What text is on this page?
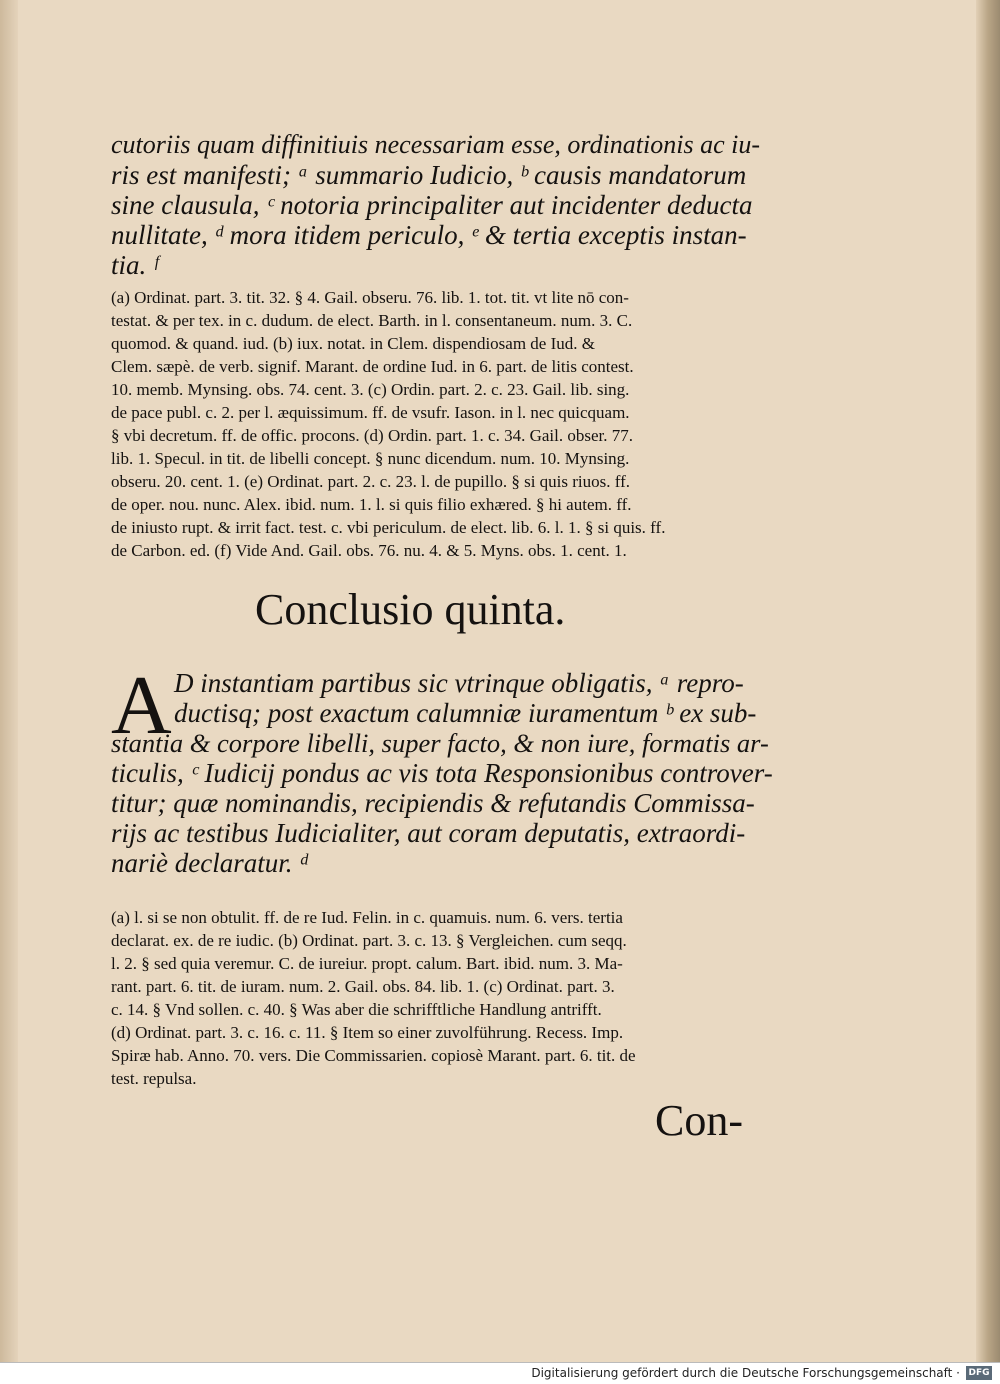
cutoriis quam diffinitiuis necessariam esse, ordinationis ac iu-
ris est manifesti; ᵃ summario Iudicio, ᵇ causis mandatorum
sine clausula, ᶜ notoria principaliter aut incidenter deducta
nullitate, ᵈ mora itidem periculo, ᵉ & tertia exceptis instan-
tia. ᶠ
(a) Ordinat. part. 3. tit. 32. § 4. Gail. obseru. 76. lib. 1. tot. tit. vt lite nō con-
testat. & per tex. in c. dudum. de elect. Barth. in l. consentaneum. num. 3. C.
quomod. & quand. iud. (b) iux. notat. in Clem. dispendiosam de Iud. &
Clem. sæpè. de verb. signif. Marant. de ordine Iud. in 6. part. de litis contest.
10. memb. Mynsing. obs. 74. cent. 3. (c) Ordin. part. 2. c. 23. Gail. lib. sing.
de pace publ. c. 2. per l. æquissimum. ff. de vsufr. Iason. in l. nec quicquam.
§ vbi decretum. ff. de offic. procons. (d) Ordin. part. 1. c. 34. Gail. obser. 77.
lib. 1. Specul. in tit. de libelli concept. § nunc dicendum. num. 10. Mynsing.
obseru. 20. cent. 1. (e) Ordinat. part. 2. c. 23. l. de pupillo. § si quis riuos. ff.
de oper. nou. nunc. Alex. ibid. num. 1. l. si quis filio exhæred. § hi autem. ff.
de iniusto rupt. & irrit fact. test. c. vbi periculum. de elect. lib. 6. l. 1. § si quis. ff.
de Carbon. ed. (f) Vide And. Gail. obs. 76. nu. 4. & 5. Myns. obs. 1. cent. 1.
Conclusio quinta.
A D instantiam partibus sic vtrinque obligatis, ᵃ repro-
ductisq; post exactum calumniæ iuramentum ᵇ ex sub-
stantia & corpore libelli, super facto, & non iure, formatis ar-
ticulis, ᶜ Iudicij pondus ac vis tota Responsionibus controver-
titur; quæ nominandis, recipiendis & refutandis Commissa-
rijs ac testibus Iudicialiter, aut coram deputatis, extraordi-
nariè declaratur. ᵈ
(a) l. si se non obtulit. ff. de re Iud. Felin. in c. quamuis. num. 6. vers. tertia
declarat. ex. de re iudic. (b) Ordinat. part. 3. c. 13. § Vergleichen. cum seqq.
l. 2. § sed quia veremur. C. de iureiur. propt. calum. Bart. ibid. num. 3. Ma-
rant. part. 6. tit. de iuram. num. 2. Gail. obs. 84. lib. 1. (c) Ordinat. part. 3.
c. 14. § Vnd sollen. c. 40. § Was aber die schrifftliche Handlung antrifft.
(d) Ordinat. part. 3. c. 16. c. 11. § Item so einer zuvolführung. Recess. Imp.
Spiræ hab. Anno. 70. vers. Die Commissarien. copiosè Marant. part. 6. tit. de
test. repulsa.
Con-
Digitalisierung gefördert durch die Deutsche Forschungsgemeinschaft · DFG
